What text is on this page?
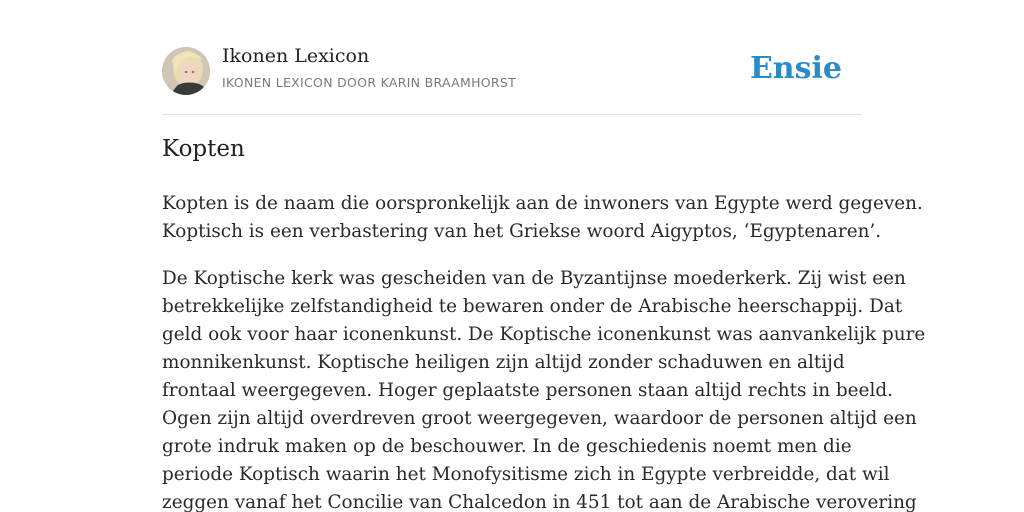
Ikonen Lexicon
IKONEN LEXICON DOOR KARIN BRAAMHORST	Ensie
Kopten

Kopten is de naam die oorspronkelijk aan de inwoners van Egypte werd gegeven.
Koptisch is een verbastering van het Griekse woord Aigyptos, ‘Egyptenaren’.

De Koptische kerk was gescheiden van de Byzantijnse moederkerk. Zij wist een
betrekkelijke zelfstandigheid te bewaren onder de Arabische heerschappij. Dat
geld ook voor haar iconenkunst. De Koptische iconenkunst was aanvankelijk pure
monnikenkunst. Koptische heiligen zijn altijd zonder schaduwen en altijd
frontaal weergegeven. Hoger geplaatste personen staan altijd rechts in beeld.
Ogen zijn altijd overdreven groot weergegeven, waardoor de personen altijd een
grote indruk maken op de beschouwer. In de geschiedenis noemt men die
periode Koptisch waarin het Monofysitisme zich in Egypte verbreidde, dat wil
zeggen vanaf het Concilie van Chalcedon in 451 tot aan de Arabische verovering
